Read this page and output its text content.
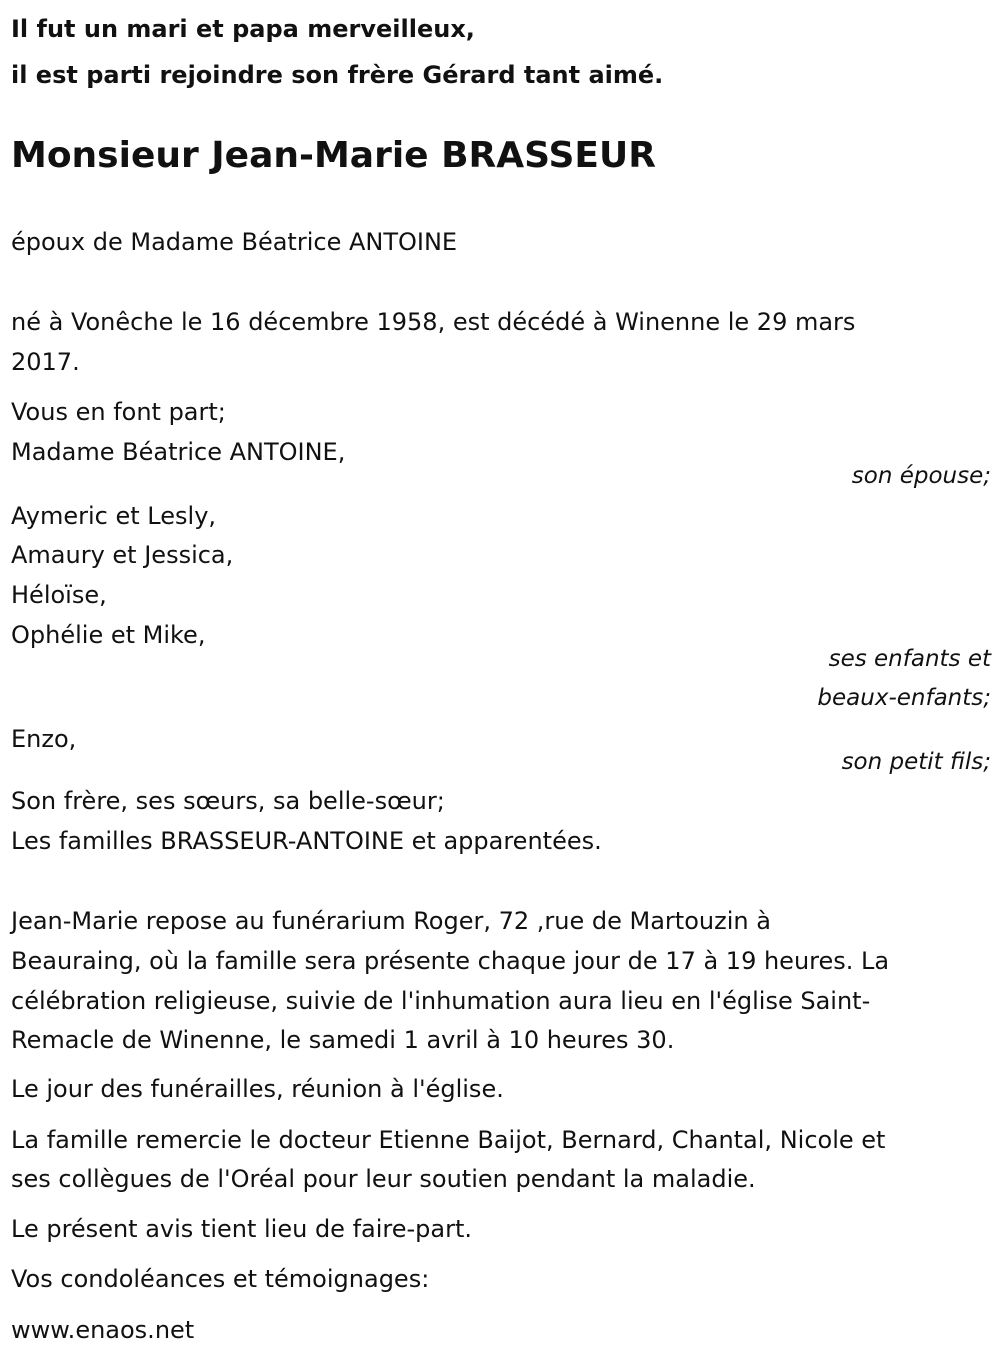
Il fut un mari et papa merveilleux,
il est parti rejoindre son frère Gérard tant aimé.
Monsieur Jean-Marie BRASSEUR
époux de Madame Béatrice ANTOINE
né à Vonêche le 16 décembre 1958, est décédé à Winenne le 29 mars
2017.
Vous en font part;
Madame Béatrice ANTOINE,
son épouse;
Aymeric et Lesly,
Amaury et Jessica,
Héloïse,
Ophélie et Mike,
ses enfants et
beaux-enfants;
Enzo,
son petit fils;
Son frère, ses sœurs, sa belle-sœur;
Les familles BRASSEUR-ANTOINE et apparentées.
Jean-Marie repose au funérarium Roger, 72 ,rue de Martouzin à
Beauraing, où la famille sera présente chaque jour de 17 à 19 heures. La
célébration religieuse, suivie de l'inhumation aura lieu en l'église Saint-
Remacle de Winenne, le samedi 1 avril à 10 heures 30.
Le jour des funérailles, réunion à l'église.
La famille remercie le docteur Etienne Baijot, Bernard, Chantal, Nicole et
ses collègues de l'Oréal pour leur soutien pendant la maladie.
Le présent avis tient lieu de faire-part.
Vos condoléances et témoignages:
www.enaos.net
